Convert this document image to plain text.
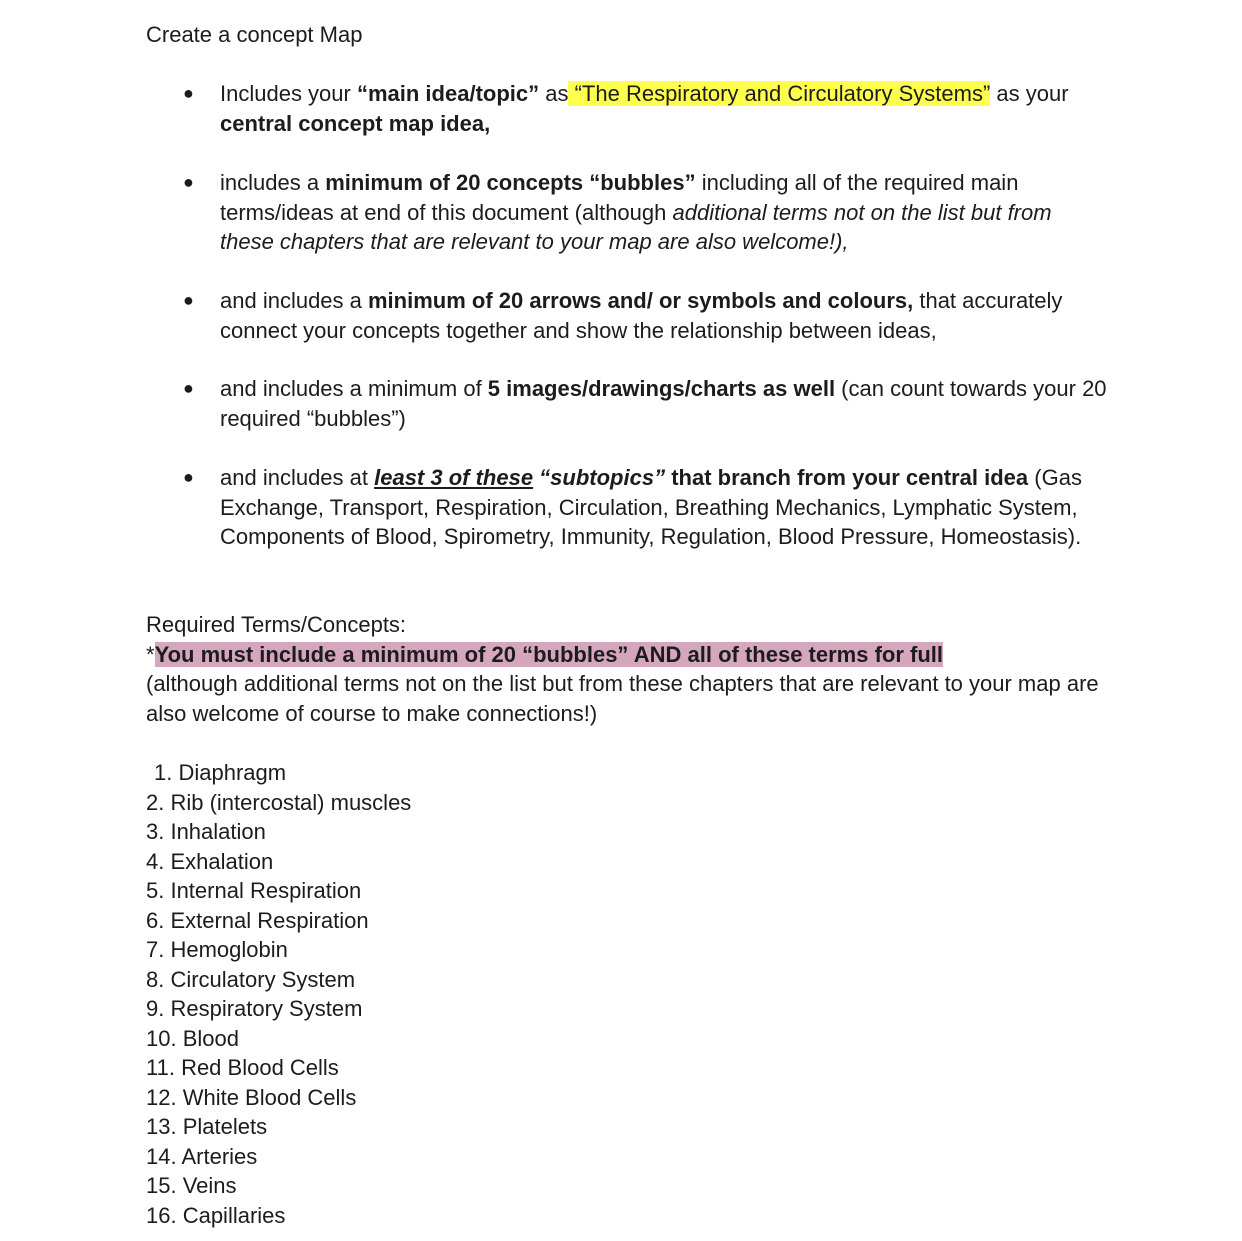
Create a concept Map
● Includes your “main idea/topic” as “The Respiratory and Circulatory Systems” as your central concept map idea,
● includes a minimum of 20 concepts “bubbles” including all of the required main terms/ideas at end of this document (although additional terms not on the list but from these chapters that are relevant to your map are also welcome!),
● and includes a minimum of 20 arrows and/ or symbols and colours, that accurately connect your concepts together and show the relationship between ideas,
● and includes a minimum of 5 images/drawings/charts as well (can count towards your 20 required “bubbles”)
● and includes at least 3 of these “subtopics” that branch from your central idea (Gas Exchange, Transport, Respiration, Circulation, Breathing Mechanics, Lymphatic System, Components of Blood, Spirometry, Immunity, Regulation, Blood Pressure, Homeostasis).
Required Terms/Concepts:
*You must include a minimum of 20 “bubbles” AND all of these terms for full
(although additional terms not on the list but from these chapters that are relevant to your map are also welcome of course to make connections!)
1. Diaphragm
2. Rib (intercostal) muscles
3. Inhalation
4. Exhalation
5. Internal Respiration
6. External Respiration
7. Hemoglobin
8. Circulatory System
9. Respiratory System
10. Blood
11. Red Blood Cells
12. White Blood Cells
13. Platelets
14. Arteries
15. Veins
16. Capillaries
